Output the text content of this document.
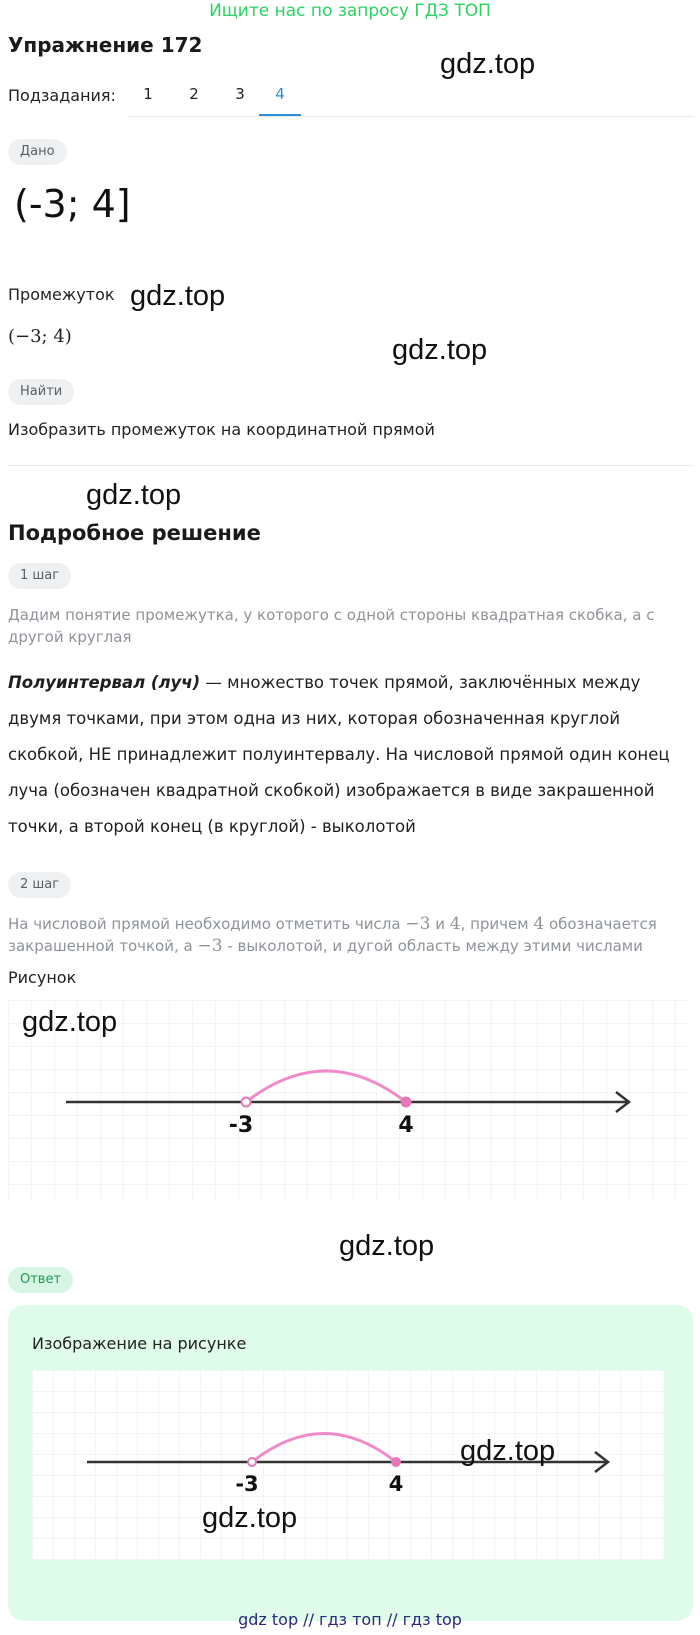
Ищите нас по запросу ГДЗ ТОП
Упражнение 172
Подзадания:	1	2	3	4
Дано
(-3; 4]
Промежуток
(−3; 4)
Найти
Изобразить промежуток на координатной прямой
Подробное решение
1 шаг
Дадим понятие промежутка, у которого с одной стороны квадратная скобка, а с другой круглая
Полуинтервал (луч) — множество точек прямой, заключённых между двумя точками, при этом одна из них, которая обозначенная круглой скобкой, НЕ принадлежит полуинтервалу. На числовой прямой один конец луча (обозначен квадратной скобкой) изображается в виде закрашенной точки, а второй конец (в круглой) - выколотой
2 шаг
На числовой прямой необходимо отметить числа −3 и 4, причем 4 обозначается закрашенной точкой, а −3 - выколотой, и дугой область между этими числами
Рисунок
-3	4
Ответ
Изображение на рисунке
-3	4
gdz.top
gdz.top
gdz.top
gdz.top
gdz.top
gdz.top
gdz.top
gdz.top
gdz top // гдз топ // гдз top
